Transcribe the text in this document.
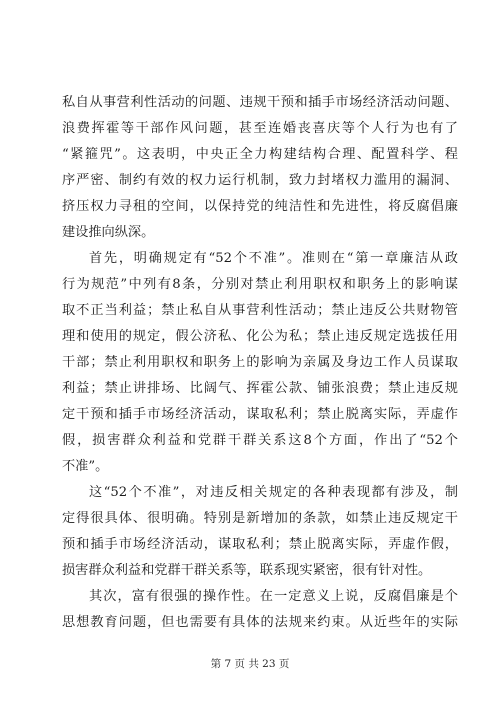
私自从事营利性活动的问题、违规干预和插手市场经济活动问题、
浪费挥霍等干部作风问题，甚至连婚丧喜庆等个人行为也有了
“紧箍咒”。这表明，中央正全力构建结构合理、配置科学、程
序严密、制约有效的权力运行机制，致力封堵权力滥用的漏洞、
挤压权力寻租的空间，以保持党的纯洁性和先进性，将反腐倡廉
建设推向纵深。
首先，明确规定有“52个不准”。准则在“第一章廉洁从政
行为规范”中列有8条，分别对禁止利用职权和职务上的影响谋
取不正当利益；禁止私自从事营利性活动；禁止违反公共财物管
理和使用的规定，假公济私、化公为私；禁止违反规定选拔任用
干部；禁止利用职权和职务上的影响为亲属及身边工作人员谋取
利益；禁止讲排场、比阔气、挥霍公款、铺张浪费；禁止违反规
定干预和插手市场经济活动，谋取私利；禁止脱离实际，弄虚作
假，损害群众利益和党群干群关系这8个方面，作出了“52个
不准”。
这“52个不准”，对违反相关规定的各种表现都有涉及，制
定得很具体、很明确。特别是新增加的条款，如禁止违反规定干
预和插手市场经济活动，谋取私利；禁止脱离实际，弄虚作假，
损害群众利益和党群干群关系等，联系现实紧密，很有针对性。
其次，富有很强的操作性。在一定意义上说，反腐倡廉是个
思想教育问题，但也需要有具体的法规来约束。从近些年的实际
第 7 页 共 23 页
